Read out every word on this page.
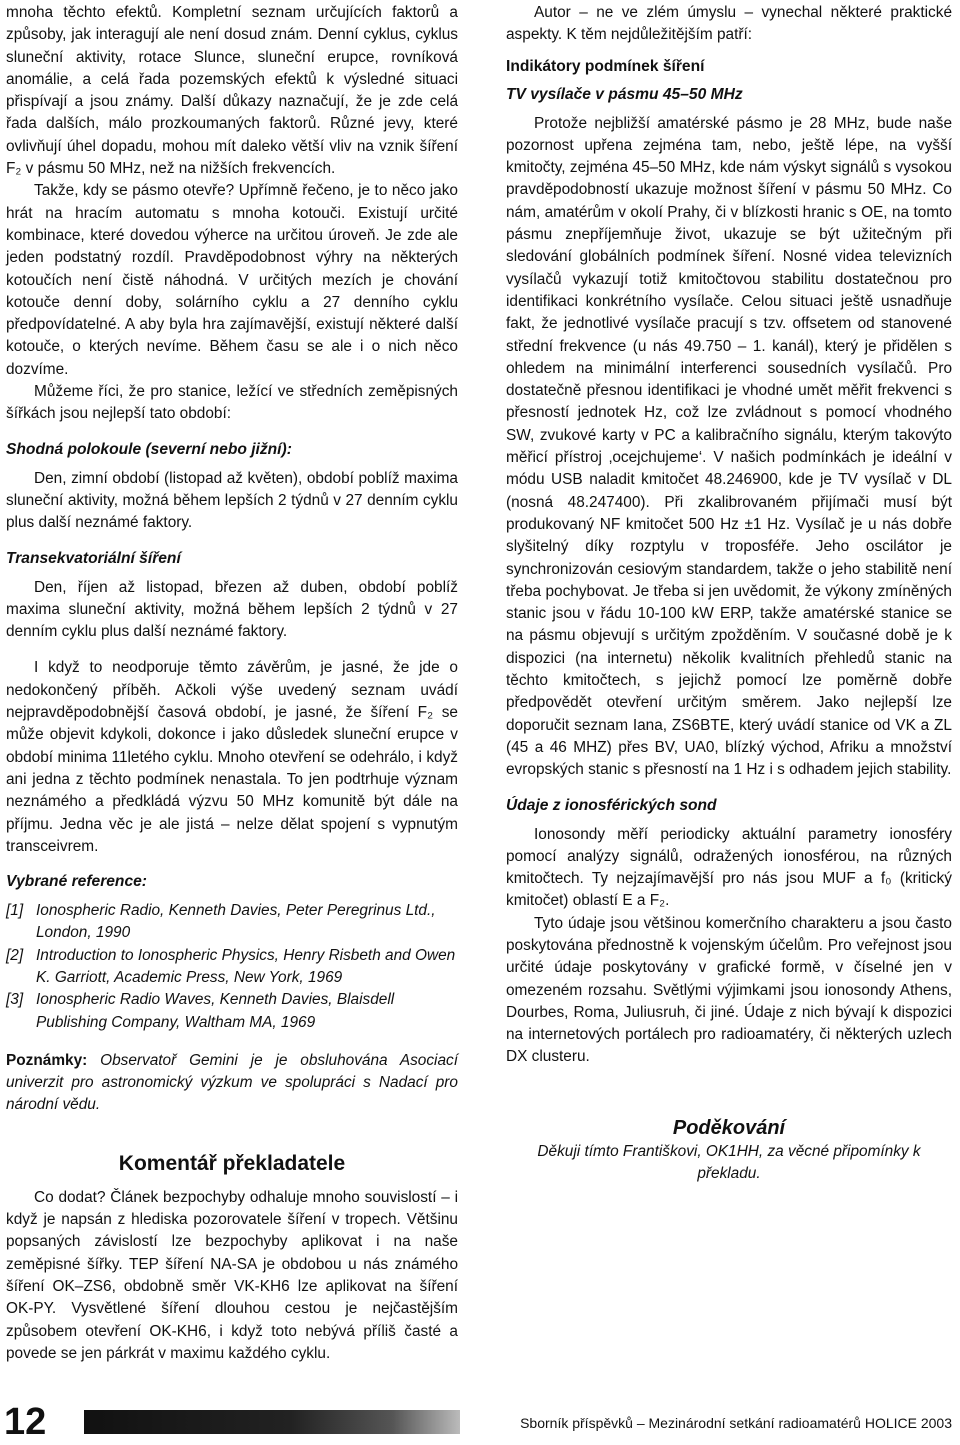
mnoha těchto efektů. Kompletní seznam určujících faktorů a způsoby, jak interagují ale není dosud znám. Denní cyklus, cyklus sluneční aktivity, rotace Slunce, sluneční erupce, rovníková anomálie, a celá řada pozemských efektů k výsledné situaci přispívají a jsou známy. Další důkazy naznačují, že je zde celá řada dalších, málo prozkoumaných faktorů. Různé jevy, které ovlivňují úhel dopadu, mohou mít daleko větší vliv na vznik šíření F₂ v pásmu 50 MHz, než na nižších frekvencích.

Takže, kdy se pásmo otevře? Upřímně řečeno, je to něco jako hrát na hracím automatu s mnoha kotouči. Existují určité kombinace, které dovedou výherce na určitou úroveň. Je zde ale jeden podstatný rozdíl. Pravděpodobnost výhry na některých kotoučích není čistě náhodná. V určitých mezích je chování kotouče denní doby, solárního cyklu a 27 denního cyklu předpovídatelné. A aby byla hra zajímavější, existují některé další kotouče, o kterých nevíme. Během času se ale i o nich něco dozvíme.

Můžeme říci, že pro stanice, ležící ve středních zeměpisných šířkách jsou nejlepší tato období:

Shodná polokoule (severní nebo jižní):

Den, zimní období (listopad až květen), období poblíž maxima sluneční aktivity, možná během lepších 2 týdnů v 27 denním cyklu plus další neznámé faktory.

Transekvatoriální šíření

Den, říjen až listopad, březen až duben, období poblíž maxima sluneční aktivity, možná během lepších 2 týdnů v 27 denním cyklu plus další neznámé faktory.

I když to neodporuje těmto závěrům, je jasné, že jde o nedokončený příběh. Ačkoli výše uvedený seznam uvádí nejpravděpodobnější časová období, je jasné, že šíření F₂ se může objevit kdykoli, dokonce i jako důsledek sluneční erupce v období minima 11letého cyklu. Mnoho otevření se odehrálo, i když ani jedna z těchto podmínek nenastala. To jen podtrhuje význam neznámého a předkládá výzvu 50 MHz komunitě být dále na příjmu. Jedna věc je ale jistá – nelze dělat spojení s vypnutým transceivrem.

Vybrané reference:
[1] Ionospheric Radio, Kenneth Davies, Peter Peregrinus Ltd., London, 1990
[2] Introduction to Ionospheric Physics, Henry Risbeth and Owen K. Garriott, Academic Press, New York, 1969
[3] Ionospheric Radio Waves, Kenneth Davies, Blaisdell Publishing Company, Waltham MA, 1969

Poznámky: Observatoř Gemini je je obsluhována Asociací univerzit pro astronomický výzkum ve spolupráci s Nadací pro národní vědu.

Komentář překladatele

Co dodat? Článek bezpochyby odhaluje mnoho souvislostí – i když je napsán z hlediska pozorovatele šíření v tropech. Většinu popsaných závislostí lze bezpochyby aplikovat i na naše zeměpisné šířky. TEP šíření NA-SA je obdobou u nás známého šíření OK–ZS6, obdobně směr VK-KH6 lze aplikovat na šíření OK-PY. Vysvětlené šíření dlouhou cestou je nejčastějším způsobem otevření OK-KH6, i když toto nebývá příliš časté a povede se jen párkrát v maximu každého cyklu.

Autor – ne ve zlém úmyslu – vynechal některé praktické aspekty. K těm nejdůležitějším patří:

Indikátory podmínek šíření
TV vysílače v pásmu 45–50 MHz

Protože nejbližší amatérské pásmo je 28 MHz, bude naše pozornost upřena zejména tam, nebo, ještě lépe, na vyšší kmitočty, zejména 45–50 MHz, kde nám výskyt signálů s vysokou pravděpodobností ukazuje možnost šíření v pásmu 50 MHz. Co nám, amatérům v okolí Prahy, či v blízkosti hranic s OE, na tomto pásmu znepříjemňuje život, ukazuje se být užitečným při sledování globálních podmínek šíření. Nosné videa televizních vysílačů vykazují totiž kmitočtovou stabilitu dostatečnou pro identifikaci konkrétního vysílače. Celou situaci ještě usnadňuje fakt, že jednotlivé vysílače pracují s tzv. offsetem od stanovené střední frekvence (u nás 49.750 – 1. kanál), který je přidělen s ohledem na minimální interferenci sousedních vysílačů. Pro dostatečně přesnou identifikaci je vhodné umět měřit frekvenci s přesností jednotek Hz, což lze zvládnout s pomocí vhodného SW, zvukové karty v PC a kalibračního signálu, kterým takovýto měřicí přístroj ‚ocejchujeme‘. V našich podmínkách je ideální v módu USB naladit kmitočet 48.246900, kde je TV vysílač v DL (nosná 48.247400). Při zkalibrovaném přijímači musí být produkovaný NF kmitočet 500 Hz ±1 Hz. Vysílač je u nás dobře slyšitelný díky rozptylu v troposféře. Jeho oscilátor je synchronizován cesiovým standardem, takže o jeho stabilitě není třeba pochybovat. Je třeba si jen uvědomit, že výkony zmíněných stanic jsou v řádu 10-100 kW ERP, takže amatérské stanice se na pásmu objevují s určitým zpožděním. V současné době je k dispozici (na internetu) několik kvalitních přehledů stanic na těchto kmitočtech, s jejichž pomocí lze poměrně dobře předpovědět otevření určitým směrem. Jako nejlepší lze doporučit seznam Iana, ZS6BTE, který uvádí stanice od VK a ZL (45 a 46 MHZ) přes BV, UA0, blízký východ, Afriku a množství evropských stanic s přesností na 1 Hz i s odhadem jejich stability.

Údaje z ionosférických sond

Ionosondy měří periodicky aktuální parametry ionosféry pomocí analýzy signálů, odražených ionosférou, na různých kmitočtech. Ty nejzajímavější pro nás jsou MUF a f₀ (kritický kmitočet) oblastí E a F₂.

Tyto údaje jsou většinou komerčního charakteru a jsou často poskytována přednostně k vojenským účelům. Pro veřejnost jsou určité údaje poskytovány v grafické formě, v číselné jen v omezeném rozsahu. Světlými výjimkami jsou ionosondy Athens, Dourbes, Roma, Juliusruh, či jiné. Údaje z nich bývají k dispozici na internetových portálech pro radioamatéry, či některých uzlech DX clusteru.

Poděkování
Děkuji tímto Františkovi, OK1HH, za věcné připomínky k překladu.
12	Sborník příspěvků – Mezinárodní setkání radioamatérů HOLICE 2003
